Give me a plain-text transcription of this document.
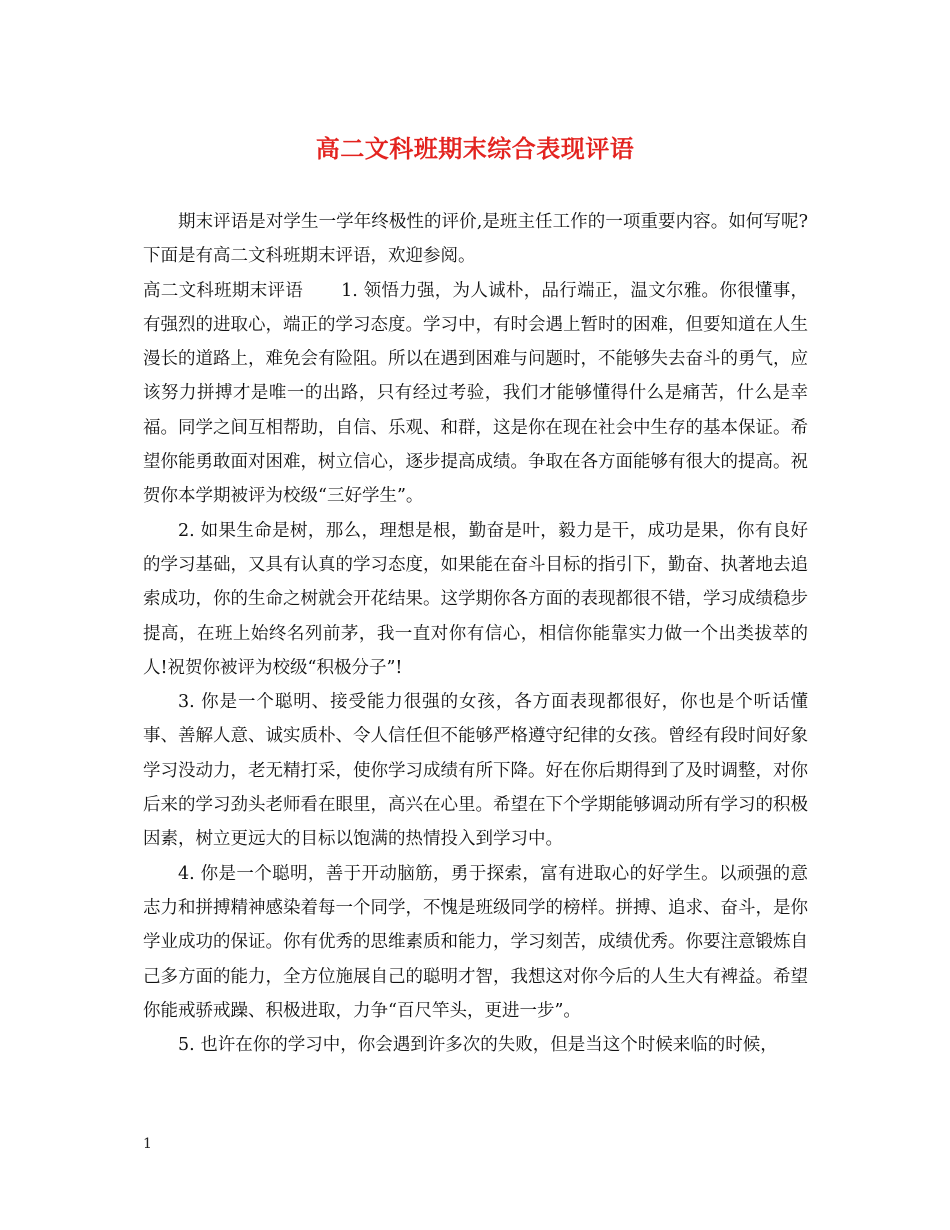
高二文科班期末综合表现评语

期末评语是对学生一学年终极性的评价,是班主任工作的一项重要内容。如何写呢?下面是有高二文科班期末评语，欢迎参阅。

高二文科班期末评语 1. 领悟力强，为人诚朴，品行端正，温文尔雅。你很懂事，有强烈的进取心，端正的学习态度。学习中，有时会遇上暂时的困难，但要知道在人生漫长的道路上，难免会有险阻。所以在遇到困难与问题时，不能够失去奋斗的勇气，应该努力拼搏才是唯一的出路，只有经过考验，我们才能够懂得什么是痛苦，什么是幸福。同学之间互相帮助，自信、乐观、和群，这是你在现在社会中生存的基本保证。希望你能勇敢面对困难，树立信心，逐步提高成绩。争取在各方面能够有很大的提高。祝贺你本学期被评为校级“三好学生”。

2. 如果生命是树，那么，理想是根，勤奋是叶，毅力是干，成功是果，你有良好的学习基础，又具有认真的学习态度，如果能在奋斗目标的指引下，勤奋、执著地去追索成功，你的生命之树就会开花结果。这学期你各方面的表现都很不错，学习成绩稳步提高，在班上始终名列前茅，我一直对你有信心，相信你能靠实力做一个出类拔萃的人!祝贺你被评为校级“积极分子”!

3. 你是一个聪明、接受能力很强的女孩，各方面表现都很好，你也是个听话懂事、善解人意、诚实质朴、令人信任但不能够严格遵守纪律的女孩。曾经有段时间好象学习没动力，老无精打采，使你学习成绩有所下降。好在你后期得到了及时调整，对你后来的学习劲头老师看在眼里，高兴在心里。希望在下个学期能够调动所有学习的积极因素，树立更远大的目标以饱满的热情投入到学习中。

4. 你是一个聪明，善于开动脑筋，勇于探索，富有进取心的好学生。以顽强的意志力和拼搏精神感染着每一个同学，不愧是班级同学的榜样。拼搏、追求、奋斗，是你学业成功的保证。你有优秀的思维素质和能力，学习刻苦，成绩优秀。你要注意锻炼自己多方面的能力，全方位施展自己的聪明才智，我想这对你今后的人生大有裨益。希望你能戒骄戒躁、积极进取，力争“百尺竿头，更进一步”。

5. 也许在你的学习中，你会遇到许多次的失败，但是当这个时候来临的时候，

1
